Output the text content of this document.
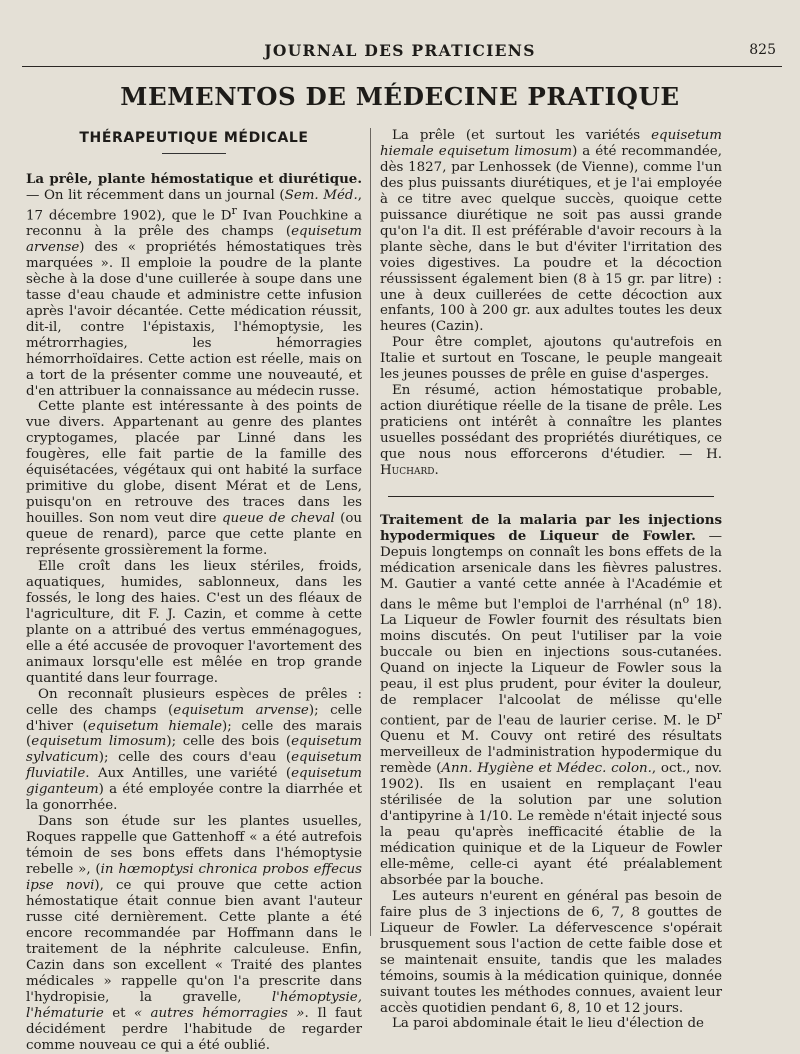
JOURNAL DES PRATICIENS	825
MEMENTOS DE MÉDECINE PRATIQUE
THÉRAPEUTIQUE MÉDICALE

La prêle, plante hémostatique et diurétique. — On lit récemment dans un journal (Sem. Méd., 17 décembre 1902), que le $D^r$ Ivan Pouchkine a reconnu à la prêle des champs (equisetum arvense) des « propriétés hémostatiques très marquées ». Il emploie la poudre de la plante sèche à la dose d'une cuillerée à soupe dans une tasse d'eau chaude et administre cette infusion après l'avoir décantée. Cette médication réussit, dit-il, contre l'épistaxis, l'hémoptysie, les métrorrhagies, les hémorragies hémorrhoïdaires. Cette action est réelle, mais on a tort de la présenter comme une nouveauté, et d'en attribuer la connaissance au médecin russe.

Cette plante est intéressante à des points de vue divers. Appartenant au genre des plantes cryptogames, placée par Linné dans les fougères, elle fait partie de la famille des équisétacées, végétaux qui ont habité la surface primitive du globe, disent Mérat et de Lens, puisqu'on en retrouve des traces dans les houilles. Son nom veut dire queue de cheval (ou queue de renard), parce que cette plante en représente grossièrement la forme.

Elle croît dans les lieux stériles, froids, aquatiques, humides, sablonneux, dans les fossés, le long des haies. C'est un des fléaux de l'agriculture, dit F. J. Cazin, et comme à cette plante on a attribué des vertus emménagogues, elle a été accusée de provoquer l'avortement des animaux lorsqu'elle est mêlée en trop grande quantité dans leur fourrage.

On reconnaît plusieurs espèces de prêles : celle des champs (equisetum arvense); celle d'hiver (equisetum hiemale); celle des marais (equisetum limosum); celle des bois (equisetum sylvaticum); celle des cours d'eau (equisetum fluviatile. Aux Antilles, une variété (equisetum giganteum) a été employée contre la diarrhée et la gonorrhée.

Dans son étude sur les plantes usuelles, Roques rappelle que Gattenhoff « a été autrefois témoin de ses bons effets dans l'hémoptysie rebelle », (in hœmoptysi chronica probos effecus ipse novi), ce qui prouve que cette action hémostatique était connue bien avant l'auteur russe cité dernièrement. Cette plante a été encore recommandée par Hoffmann dans le traitement de la néphrite calculeuse. Enfin, Cazin dans son excellent « Traité des plantes médicales » rappelle qu'on l'a prescrite dans l'hydropisie, la gravelle, l'hémoptysie, l'hématurie et « autres hémorragies ». Il faut décidément perdre l'habitude de regarder comme nouveau ce qui a été oublié.

La prêle (et surtout les variétés equisetum hiemale equisetum limosum) a été recommandée, dès 1827, par Lenhossek (de Vienne), comme l'un des plus puissants diurétiques, et je l'ai employée à ce titre avec quelque succès, quoique cette puissance diurétique ne soit pas aussi grande qu'on l'a dit. Il est préférable d'avoir recours à la plante sèche, dans le but d'éviter l'irritation des voies digestives. La poudre et la décoction réussissent également bien (8 à 15 gr. par litre) : une à deux cuillerées de cette décoction aux enfants, 100 à 200 gr. aux adultes toutes les deux heures (Cazin).

Pour être complet, ajoutons qu'autrefois en Italie et surtout en Toscane, le peuple mangeait les jeunes pousses de prêle en guise d'asperges.

En résumé, action hémostatique probable, action diurétique réelle de la tisane de prêle. Les praticiens ont intérêt à connaître les plantes usuelles possédant des propriétés diurétiques, ce que nous nous efforcerons d'étudier. — H. Huchard.

Traitement de la malaria par les injections hypodermiques de Liqueur de Fowler. — Depuis longtemps on connaît les bons effets de la médication arsenicale dans les fièvres palustres. M. Gautier a vanté cette année à l'Académie et dans le même but l'emploi de l'arrhénal ($n^o$ 18). La Liqueur de Fowler fournit des résultats bien moins discutés. On peut l'utiliser par la voie buccale ou bien en injections sous-cutanées. Quand on injecte la Liqueur de Fowler sous la peau, il est plus prudent, pour éviter la douleur, de remplacer l'alcoolat de mélisse qu'elle contient, par de l'eau de laurier cerise. M. le $D^r$ Quenu et M. Couvy ont retiré des résultats merveilleux de l'administration hypodermique du remède (Ann. Hygiène et Médec. colon., oct., nov. 1902). Ils en usaient en remplaçant l'eau stérilisée de la solution par une solution d'antipyrine à 1/10. Le remède n'était injecté sous la peau qu'après inefficacité établie de la médication quinique et de la Liqueur de Fowler elle-même, celle-ci ayant été préalablement absorbée par la bouche.

Les auteurs n'eurent en général pas besoin de faire plus de 3 injections de 6, 7, 8 gouttes de Liqueur de Fowler. La défervescence s'opérait brusquement sous l'action de cette faible dose et se maintenait ensuite, tandis que les malades témoins, soumis à la médication quinique, donnée suivant toutes les méthodes connues, avaient leur accès quotidien pendant 6, 8, 10 et 12 jours.

La paroi abdominale était le lieu d'élection de
